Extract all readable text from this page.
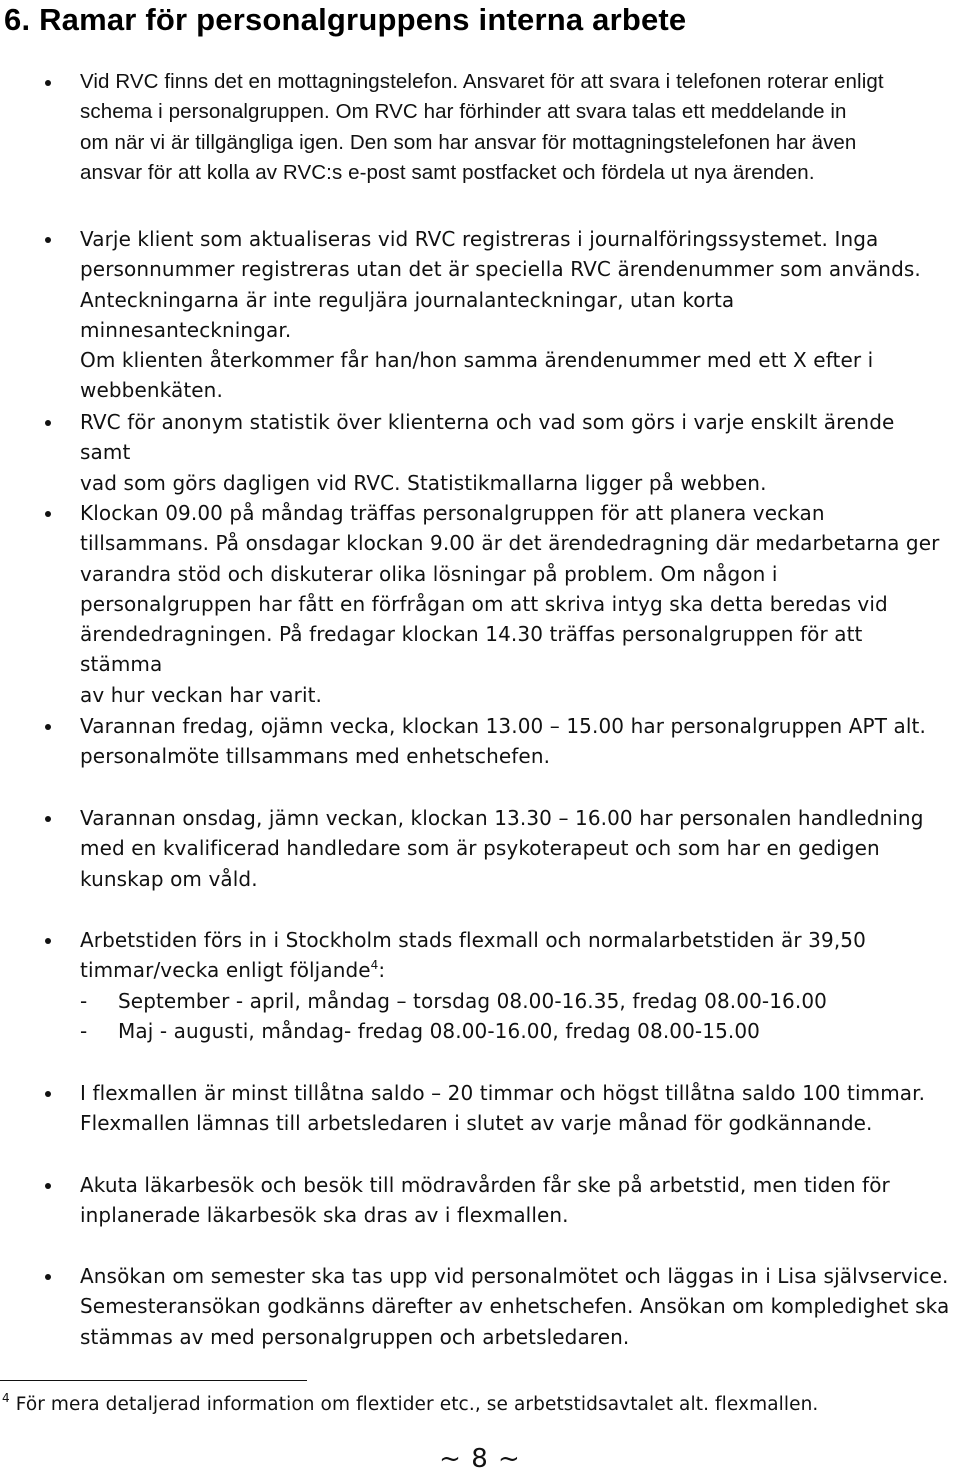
6. Ramar för personalgruppens interna arbete

Vid RVC finns det en mottagningstelefon. Ansvaret för att svara i telefonen roterar enligt
schema i personalgruppen. Om RVC har förhinder att svara talas ett meddelande in
om när vi är tillgängliga igen. Den som har ansvar för mottagningstelefonen har även
ansvar för att kolla av RVC:s e-post samt postfacket och fördela ut nya ärenden.

Varje klient som aktualiseras vid RVC registreras i journalföringssystemet. Inga
personnummer registreras utan det är speciella RVC ärendenummer som används.
Anteckningarna är inte reguljära journalanteckningar, utan korta minnesanteckningar.
Om klienten återkommer får han/hon samma ärendenummer med ett X efter i
webbenkäten.

RVC för anonym statistik över klienterna och vad som görs i varje enskilt ärende samt
vad som görs dagligen vid RVC. Statistikmallarna ligger på webben.

Klockan 09.00 på måndag träffas personalgruppen för att planera veckan
tillsammans. På onsdagar klockan 9.00 är det ärendedragning där medarbetarna ger
varandra stöd och diskuterar olika lösningar på problem. Om någon i
personalgruppen har fått en förfrågan om att skriva intyg ska detta beredas vid
ärendedragningen. På fredagar klockan 14.30 träffas personalgruppen för att stämma
av hur veckan har varit.

Varannan fredag, ojämn vecka, klockan 13.00 – 15.00 har personalgruppen APT alt.
personalmöte tillsammans med enhetschefen.

Varannan onsdag, jämn veckan, klockan 13.30 – 16.00 har personalen handledning
med en kvalificerad handledare som är psykoterapeut och som har en gedigen
kunskap om våld.

Arbetstiden förs in i Stockholm stads flexmall och normalarbetstiden är 39,50
timmar/vecka enligt följande$^4$:

- September - april, måndag – torsdag 08.00-16.35, fredag 08.00-16.00
- Maj - augusti, måndag- fredag 08.00-16.00, fredag 08.00-15.00

I flexmallen är minst tillåtna saldo – 20 timmar och högst tillåtna saldo 100 timmar.
Flexmallen lämnas till arbetsledaren i slutet av varje månad för godkännande.

Akuta läkarbesök och besök till mödravården får ske på arbetstid, men tiden för
inplanerade läkarbesök ska dras av i flexmallen.

Ansökan om semester ska tas upp vid personalmötet och läggas in i Lisa självservice.
Semesteransökan godkänns därefter av enhetschefen. Ansökan om kompledighet ska
stämmas av med personalgruppen och arbetsledaren.

$^4$ För mera detaljerad information om flextider etc., se arbetstidsavtalet alt. flexmallen.

~ 8 ~
